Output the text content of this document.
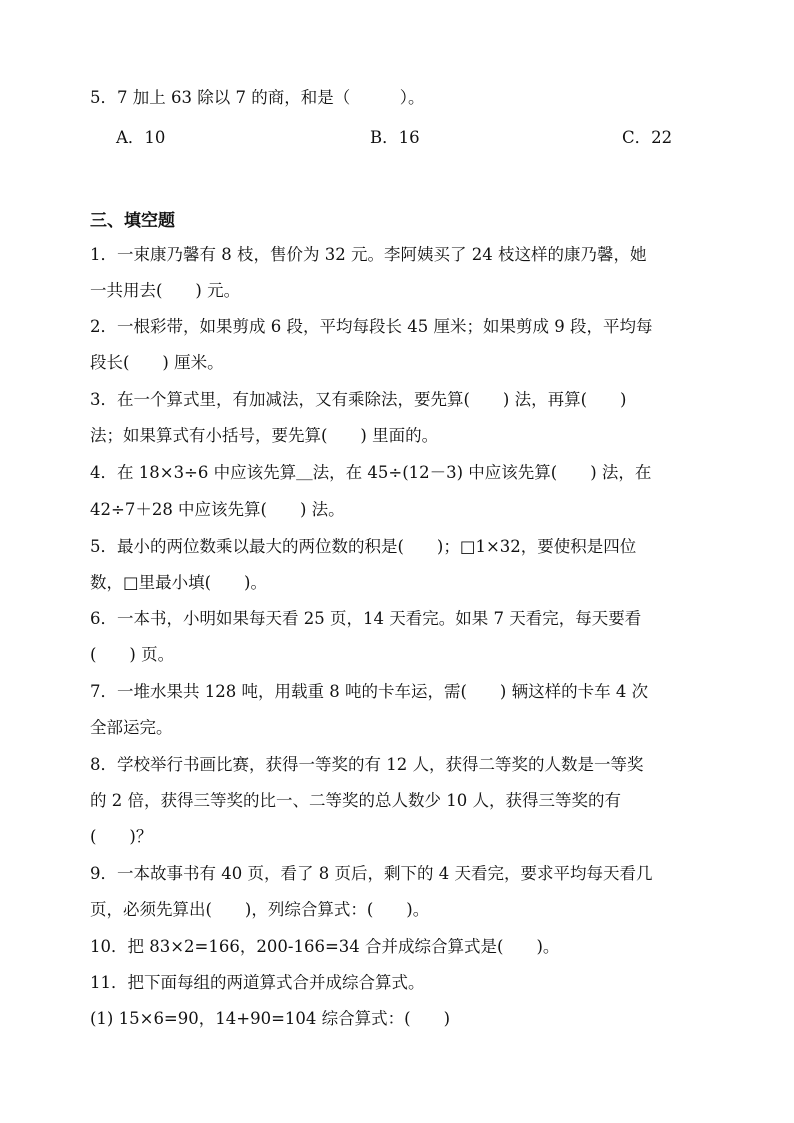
5．7 加上 63 除以 7 的商，和是（　　　）。
A．10	B．16	C．22
三、填空题
1．一束康乃馨有 8 枝，售价为 32 元。李阿姨买了 24 枝这样的康乃馨，她
一共用去(　　) 元。
2．一根彩带，如果剪成 6 段，平均每段长 45 厘米；如果剪成 9 段，平均每
段长(　　) 厘米。
3．在一个算式里，有加减法，又有乘除法，要先算(　　) 法，再算(　　)
法；如果算式有小括号，要先算(　　) 里面的。
4．在 18×3÷6 中应该先算＿法，在 45÷(12－3) 中应该先算(　　) 法，在
42÷7＋28 中应该先算(　　) 法。
5．最小的两位数乘以最大的两位数的积是(　　)；□1×32，要使积是四位
数，□里最小填(　　)。
6．一本书，小明如果每天看 25 页，14 天看完。如果 7 天看完，每天要看
(　　) 页。
7．一堆水果共 128 吨，用载重 8 吨的卡车运，需(　　) 辆这样的卡车 4 次
全部运完。
8．学校举行书画比赛，获得一等奖的有 12 人，获得二等奖的人数是一等奖
的 2 倍，获得三等奖的比一、二等奖的总人数少 10 人，获得三等奖的有
(　　)？
9．一本故事书有 40 页，看了 8 页后，剩下的 4 天看完，要求平均每天看几
页，必须先算出(　　)，列综合算式：(　　)。
10．把 83×2=166，200-166=34 合并成综合算式是(　　)。
11．把下面每组的两道算式合并成综合算式。
(1) 15×6=90，14+90=104 综合算式：(　　)
